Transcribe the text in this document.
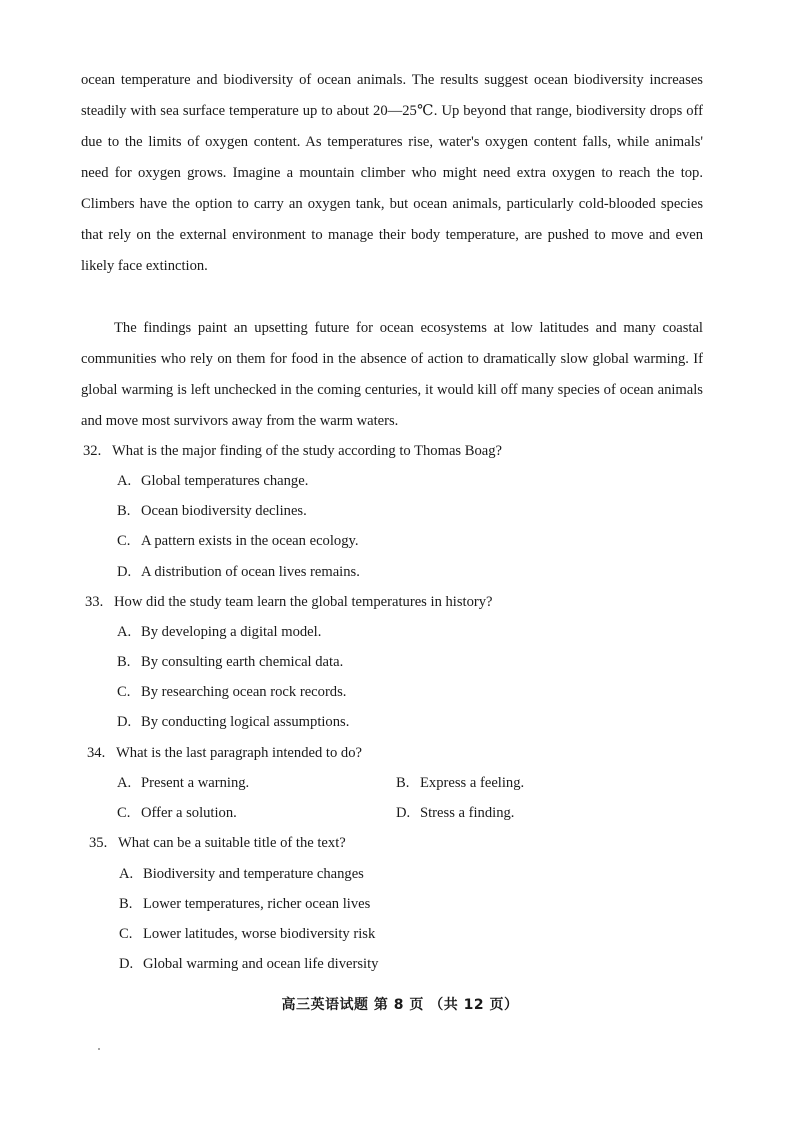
ocean temperature and biodiversity of ocean animals. The results suggest ocean biodiversity increases steadily with sea surface temperature up to about 20—25℃. Up beyond that range, biodiversity drops off due to the limits of oxygen content. As temperatures rise, water's oxygen content falls, while animals' need for oxygen grows. Imagine a mountain climber who might need extra oxygen to reach the top. Climbers have the option to carry an oxygen tank, but ocean animals, particularly cold-blooded species that rely on the external environment to manage their body temperature, are pushed to move and even likely face extinction.

The findings paint an upsetting future for ocean ecosystems at low latitudes and many coastal communities who rely on them for food in the absence of action to dramatically slow global warming. If global warming is left unchecked in the coming centuries, it would kill off many species of ocean animals and move most survivors away from the warm waters.

32. What is the major finding of the study according to Thomas Boag?
A. Global temperatures change.
B. Ocean biodiversity declines.
C. A pattern exists in the ocean ecology.
D. A distribution of ocean lives remains.
33. How did the study team learn the global temperatures in history?
A. By developing a digital model.
B. By consulting earth chemical data.
C. By researching ocean rock records.
D. By conducting logical assumptions.
34. What is the last paragraph intended to do?
A. Present a warning.	B. Express a feeling.
C. Offer a solution.	D. Stress a finding.
35. What can be a suitable title of the text?
A. Biodiversity and temperature changes
B. Lower temperatures, richer ocean lives
C. Lower latitudes, worse biodiversity risk
D. Global warming and ocean life diversity
高三英语试题 第 8 页 （共 12 页）
